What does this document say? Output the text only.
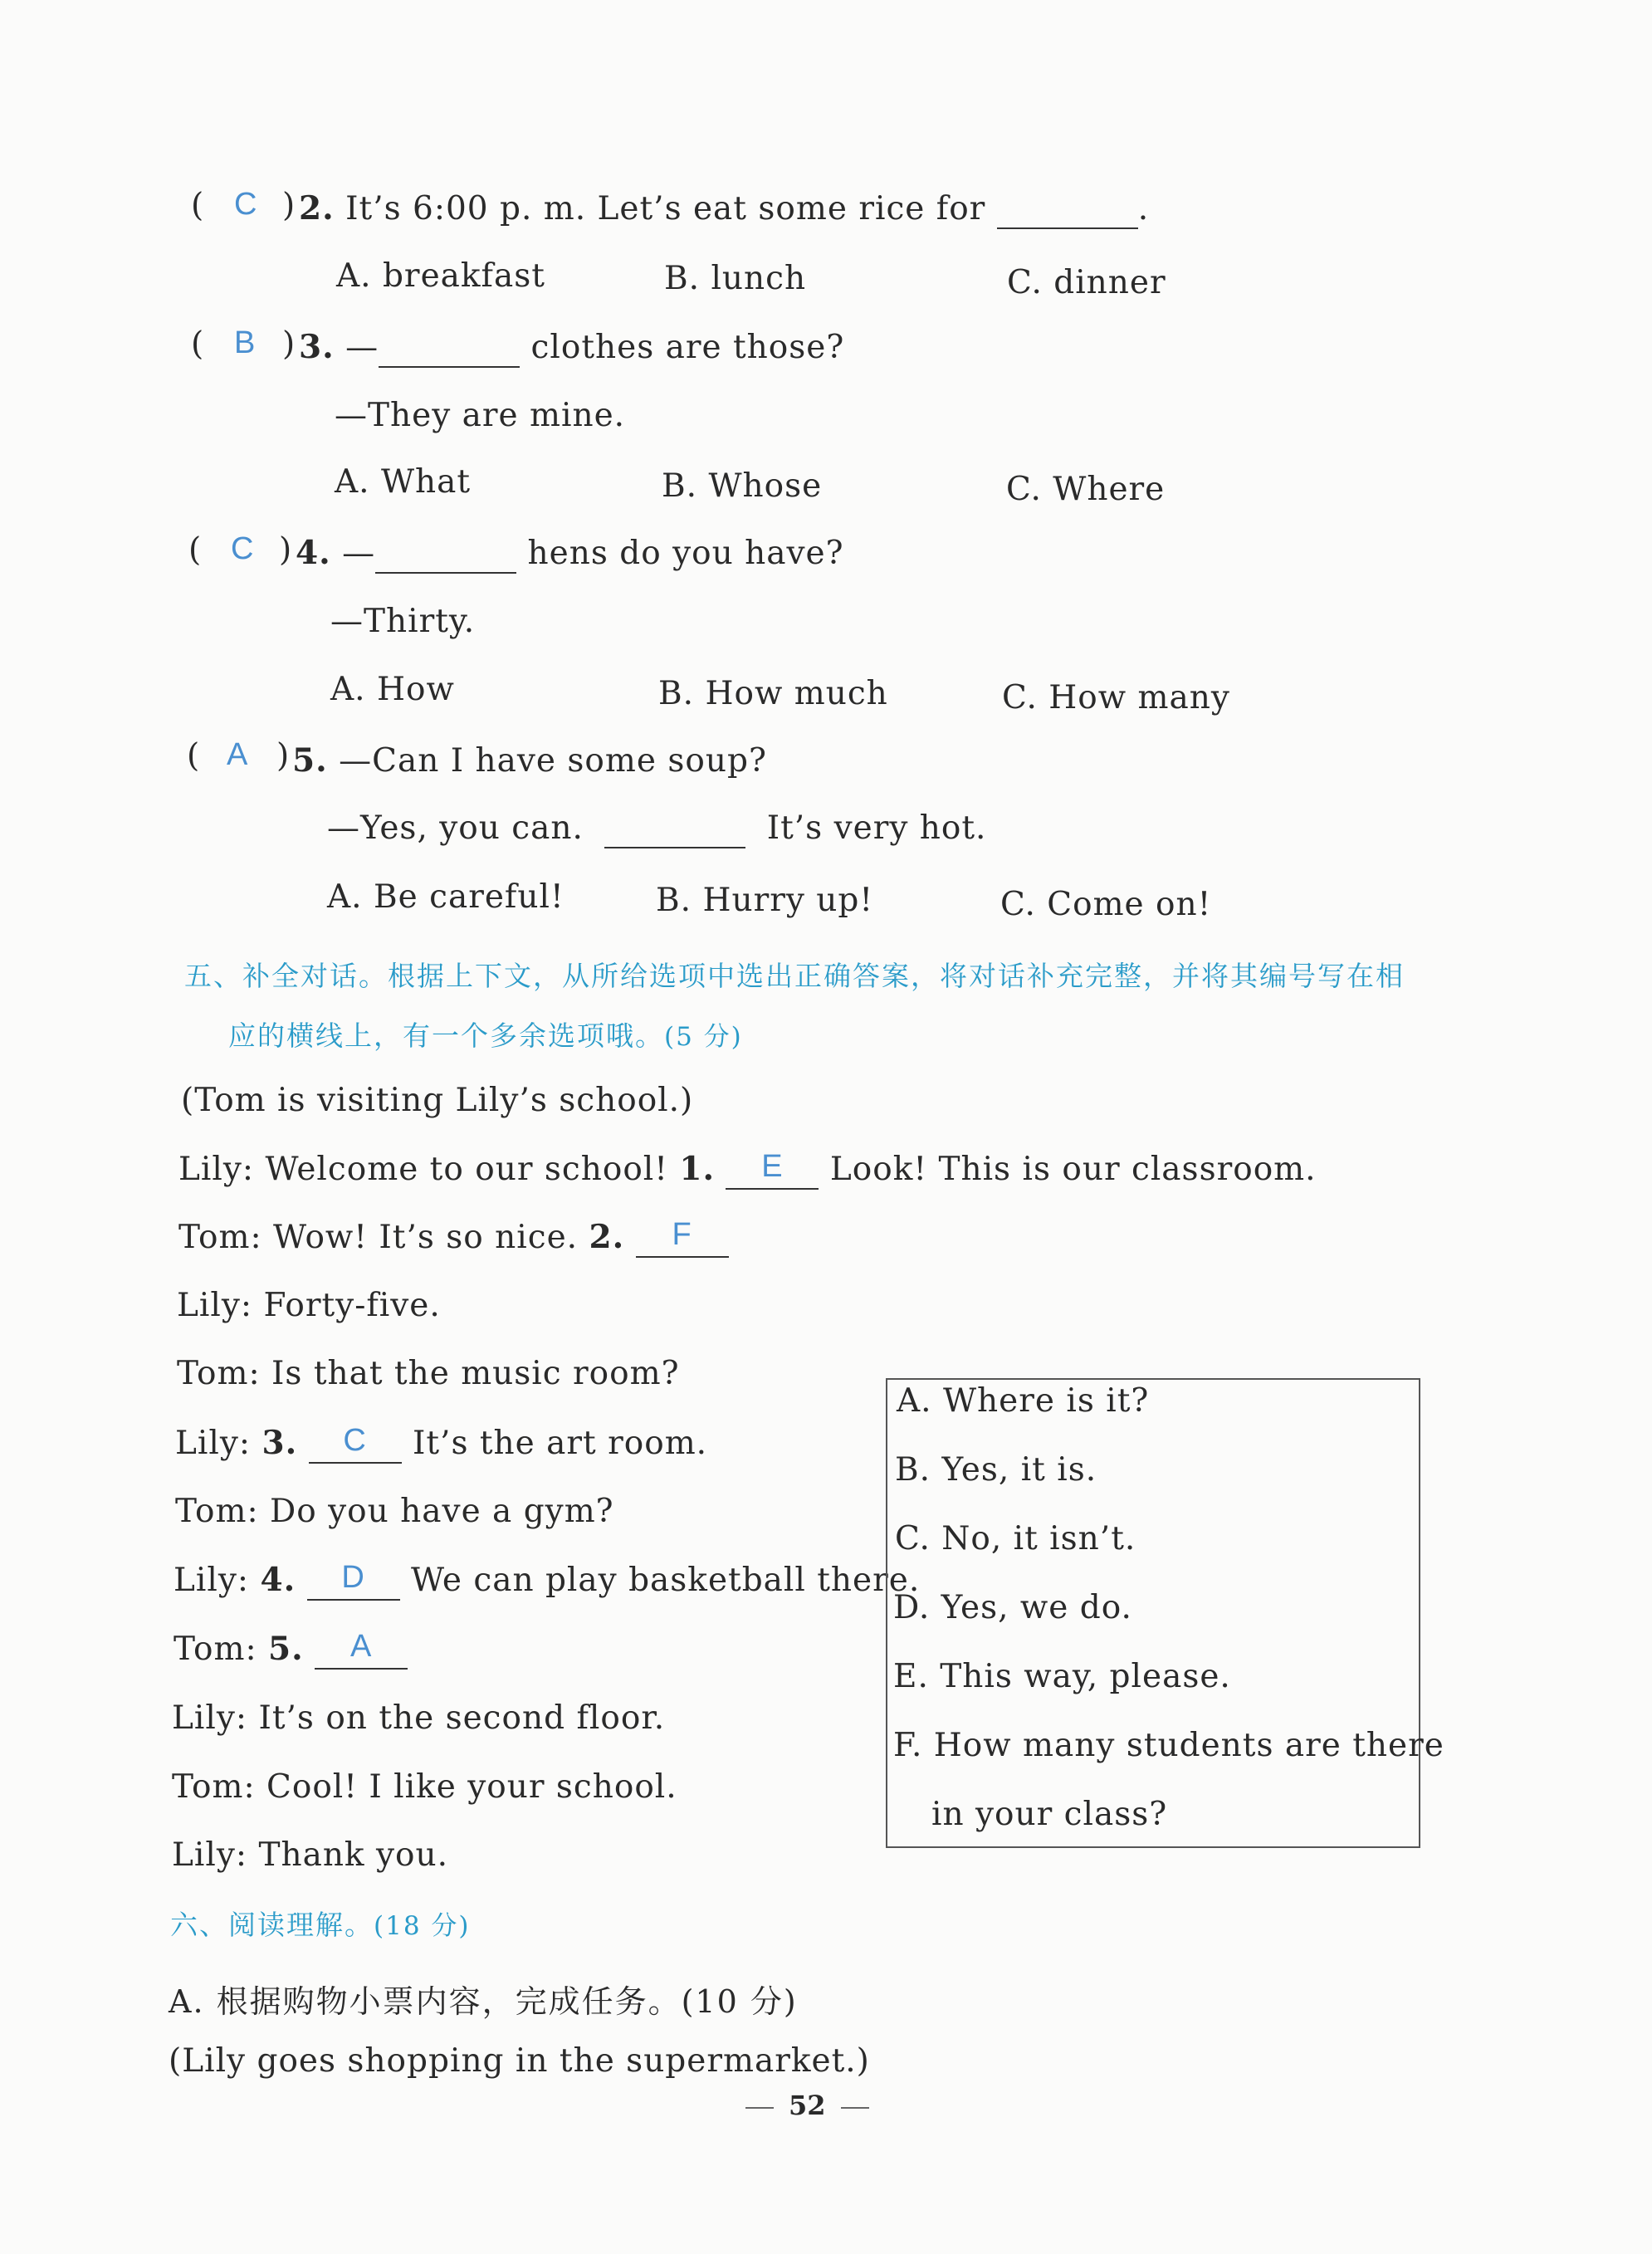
( C ) 2. It’s 6:00 p. m. Let’s eat some rice for	.
A. breakfast	B. lunch	C. dinner
( B ) 3. —	clothes are those?
—They are mine.
A. What	B. Whose	C. Where
( C ) 4. —	hens do you have?
—Thirty.
A. How	B. How much	C. How many
( A ) 5. —Can I have some soup?
—Yes, you can.	It’s very hot.
A. Be careful!	B. Hurry up!	C. Come on!
五、补全对话。根据上下文，从所给选项中选出正确答案，将对话补充完整，并将其编号写在相
应的横线上，有一个多余选项哦。(5 分)
(Tom is visiting Lily’s school.)
Lily: Welcome to our school! 1. E Look! This is our classroom.
Tom: Wow! It’s so nice. 2. F
Lily: Forty-five.
Tom: Is that the music room?
Lily: 3. C It’s the art room.
Tom: Do you have a gym?
Lily: 4. D We can play basketball there.
Tom: 5. A
Lily: It’s on the second floor.
Tom: Cool! I like your school.
Lily: Thank you.
A. Where is it?
B. Yes, it is.
C. No, it isn’t.
D. Yes, we do.
E. This way, please.
F. How many students are there
in your class?
六、阅读理解。(18 分)
A. 根据购物小票内容，完成任务。(10 分)
(Lily goes shopping in the supermarket.)
52
